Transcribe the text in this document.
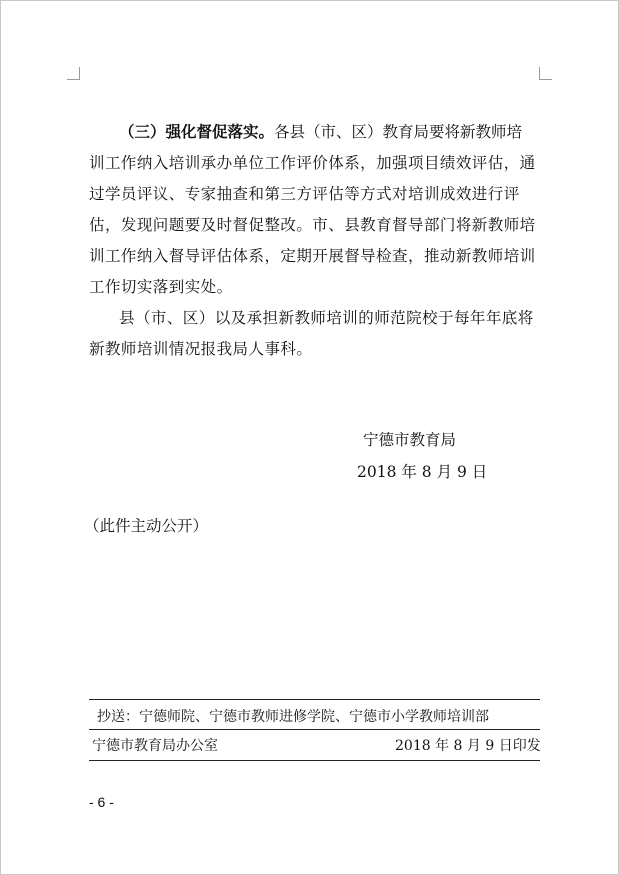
（三）强化督促落实。各县（市、区）教育局要将新教师培
训工作纳入培训承办单位工作评价体系，加强项目绩效评估，通
过学员评议、专家抽查和第三方评估等方式对培训成效进行评
估，发现问题要及时督促整改。市、县教育督导部门将新教师培
训工作纳入督导评估体系，定期开展督导检查，推动新教师培训
工作切实落到实处。
县（市、区）以及承担新教师培训的师范院校于每年年底将
新教师培训情况报我局人事科。
宁德市教育局
2018 年 8 月 9 日
（此件主动公开）
抄送：宁德师院、宁德市教师进修学院、宁德市小学教师培训部
宁德市教育局办公室	2018 年 8 月 9 日印发
- 6 -
